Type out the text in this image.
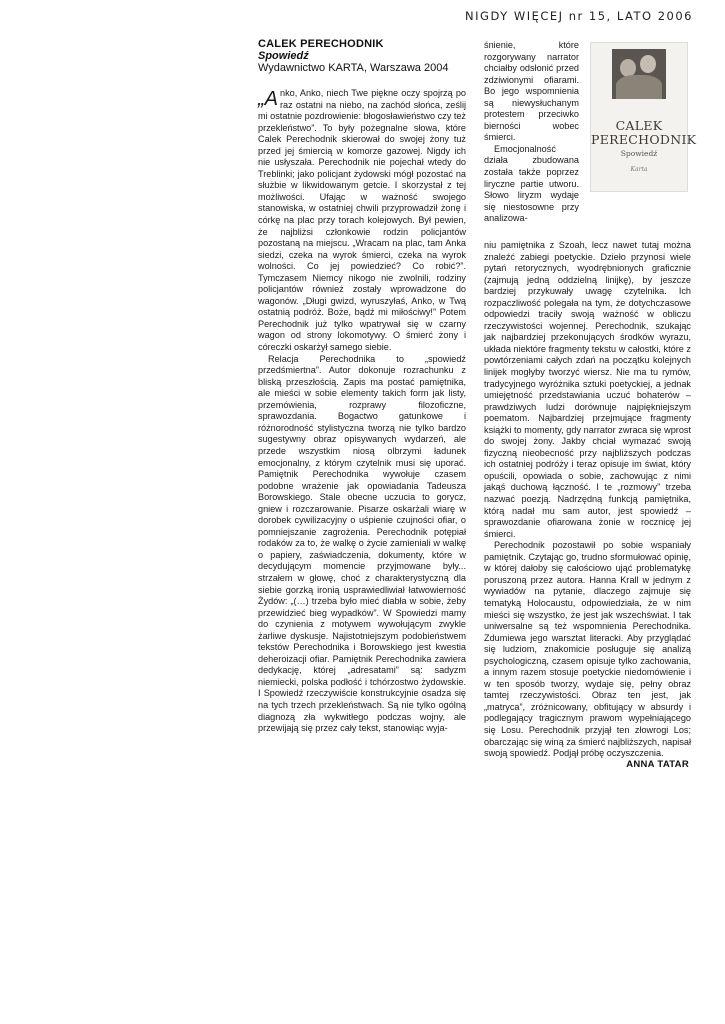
NIGDY WIĘCEJ nr 15, LATO 2006
CALEK PERECHODNIK
Spowiedź
Wydawnictwo KARTA, Warszawa 2004

„Anko, Anko, niech Twe piękne oczy spojrzą po raz ostatni na niebo, na zachód słońca, ześlij mi ostatnie pozdrowienie: błogosławieństwo czy też przekleństwo”. To były pożegnalne słowa, które Calek Perechodnik skierował do swojej żony tuż przed jej śmiercią w komorze gazowej. Nigdy ich nie usłyszała. Perechodnik nie pojechał wtedy do Treblinki; jako policjant żydowski mógł pozostać na służbie w likwidowanym getcie. I skorzystał z tej możliwości. Ufając w ważność swojego stanowiska, w ostatniej chwili przyprowadził żonę i córkę na plac przy torach kolejowych. Był pewien, że najbliżsi członkowie rodzin policjantów pozostaną na miejscu. „Wracam na plac, tam Anka siedzi, czeka na wyrok śmierci, czeka na wyrok wolności. Co jej powiedzieć? Co robić?”. Tymczasem Niemcy nikogo nie zwolnili, rodziny policjantów również zostały wprowadzone do wagonów. „Długi gwizd, wyruszyłaś, Anko, w Twą ostatnią podróż. Boże, bądź mi miłościwy!” Potem Perechodnik już tylko wpatrywał się w czarny wagon od strony lokomotywy. O śmierć żony i córeczki oskarżył samego siebie.

Relacja Perechodnika to „spowiedź przedśmiertna”. Autor dokonuje rozrachunku z bliską przeszłością. Zapis ma postać pamiętnika, ale mieści w sobie elementy takich form jak listy, przemówienia, rozprawy filozoficzne, sprawozdania. Bogactwo gatunkowe i różnorodność stylistyczna tworzą nie tylko bardzo sugestywny obraz opisywanych wydarzeń, ale przede wszystkim niosą olbrzymi ładunek emocjonalny, z którym czytelnik musi się uporać. Pamiętnik Perechodnika wywołuje czasem podobne wrażenie jak opowiadania Tadeusza Borowskiego. Stale obecne uczucia to gorycz, gniew i rozczarowanie. Pisarze oskarżali wiarę w dorobek cywilizacyjny o uśpienie czujności ofiar, o pomniejszanie zagrożenia. Perechodnik potępiał rodaków za to, że walkę o życie zamieniali w walkę o papiery, zaświadczenia, dokumenty, które w decydującym momencie przyjmowane były... strzałem w głowę, choć z charakterystyczną dla siebie gorzką ironią usprawiedliwiał łatwowierność Żydów: „(…) trzeba było mieć diabła w sobie, żeby przewidzieć bieg wypadków”. W Spowiedzi mamy do czynienia z motywem wywołującym zwykle żarliwe dyskusje. Najistotniejszym podobieństwem tekstów Perechodnika i Borowskiego jest kwestia deheroizacji ofiar. Pamiętnik Perechodnika zawiera dedykację, której „adresatami” są: sadyzm niemiecki, polska podłość i tchórzostwo żydowskie. I Spowiedź rzeczywiście konstrukcyjnie osadza się na tych trzech przekleństwach. Są nie tylko ogólną diagnozą zła wykwitłego podczas wojny, ale przewijają się przez cały tekst, stanowiąc wyja-

śnienie, które rozgorywany narrator chciałby odsłonić przed zdziwionymi ofiarami. Bo jego wspomnienia są niewysłuchanym protestem przeciwko bierności wobec śmierci.

Emocjonalność działa zbudowana została także poprzez liryczne partie utworu. Słowo liryzm wydaje się niestosowne przy analizowa-

CALEK
PERECHODNIK
Spowiedź
Karta

niu pamiętnika z Szoah, lecz nawet tutaj można znaleźć zabiegi poetyckie. Dzieło przynosi wiele pytań retorycznych, wyodrębnionych graficznie (zajmują jedną oddzielną linijkę), by jeszcze bardziej przykuwały uwagę czytelnika. Ich rozpaczliwość polegała na tym, że dotychczasowe odpowiedzi traciły swoją ważność w obliczu rzeczywistości wojennej. Perechodnik, szukając jak najbardziej przekonujących środków wyrazu, układa niektóre fragmenty tekstu w całostki, które z powtórzeniami całych zdań na początku kolejnych linijek mogłyby tworzyć wiersz. Nie ma tu rymów, tradycyjnego wyróżnika sztuki poetyckiej, a jednak umiejętność przedstawiania uczuć bohaterów – prawdziwych ludzi dorównuje najpiękniejszym poematom. Najbardziej przejmujące fragmenty książki to momenty, gdy narrator zwraca się wprost do swojej żony. Jakby chciał wymazać swoją fizyczną nieobecność przy najbliższych podczas ich ostatniej podróży i teraz opisuje im świat, który opuścili, opowiada o sobie, zachowując z nimi jakąś duchową łączność. I te „rozmowy” trzeba nazwać poezją. Nadrzędną funkcją pamiętnika, którą nadał mu sam autor, jest spowiedź – sprawozdanie ofiarowana żonie w rocznicę jej śmierci.

Perechodnik pozostawił po sobie wspaniały pamiętnik. Czytając go, trudno sformułować opinię, w której dałoby się całościowo ująć problematykę poruszoną przez autora. Hanna Krall w jednym z wywiadów na pytanie, dlaczego zajmuje się tematyką Holocaustu, odpowiedziała, że w nim mieści się wszystko, że jest jak wszechświat. I tak uniwersalne są też wspomnienia Perechodnika. Zdumiewa jego warsztat literacki. Aby przyglądać się ludziom, znakomicie posługuje się analizą psychologiczną, czasem opisuje tylko zachowania, a innym razem stosuje poetyckie niedomówienie i w ten sposób tworzy, wydaje się, pełny obraz tamtej rzeczywistości. Obraz ten jest, jak „matryca”, zróżnicowany, obfitujący w absurdy i podlegający tragicznym prawom wypełniającego się Losu. Perechodnik przyjął ten złowrogi Los; obarczając się winą za śmierć najbliższych, napisał swoją spowiedź. Podjął próbę oczyszczenia.

ANNA TATAR
